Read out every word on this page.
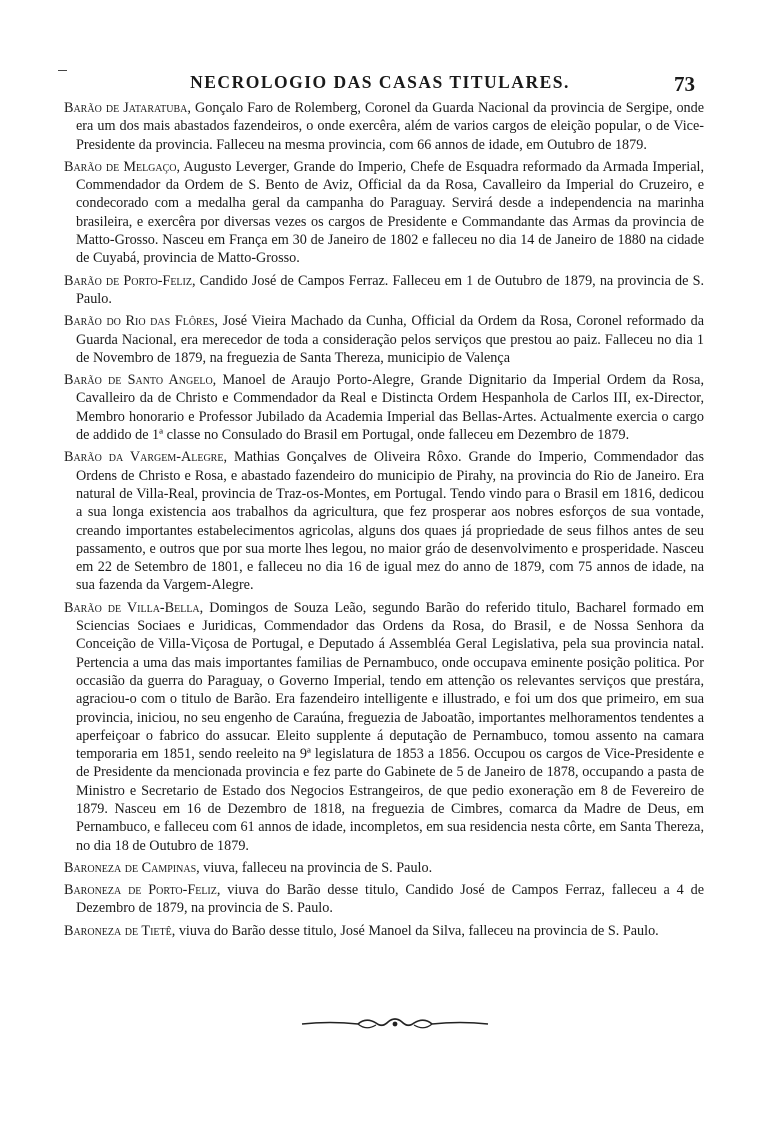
NECROLOGIO DAS CASAS TITULARES.	73

Barão de Jataratuba, Gonçalo Faro de Rolemberg, Coronel da Guarda Nacional da provincia de Sergipe, onde era um dos mais abastados fazendeiros, o onde exercêra, além de varios cargos de eleição popular, o de Vice-Presidente da provincia. Falleceu na mesma provincia, com 66 annos de idade, em Outubro de 1879.

Barão de Melgaço, Augusto Leverger, Grande do Imperio, Chefe de Esquadra reformado da Armada Imperial, Commendador da Ordem de S. Bento de Aviz, Official da da Rosa, Cavalleiro da Imperial do Cruzeiro, e condecorado com a medalha geral da campanha do Paraguay. Servirá desde a independencia na marinha brasileira, e exercêra por diversas vezes os cargos de Presidente e Commandante das Armas da provincia de Matto-Grosso. Nasceu em França em 30 de Janeiro de 1802 e falleceu no dia 14 de Janeiro de 1880 na cidade de Cuyabá, provincia de Matto-Grosso.

Barão de Porto-Feliz, Candido José de Campos Ferraz. Falleceu em 1 de Outubro de 1879, na provincia de S. Paulo.

Barão do Rio das Flôres, José Vieira Machado da Cunha, Official da Ordem da Rosa, Coronel reformado da Guarda Nacional, era merecedor de toda a consideração pelos serviços que prestou ao paiz. Falleceu no dia 1 de Novembro de 1879, na freguezia de Santa Thereza, municipio de Valença

Barão de Santo Angelo, Manoel de Araujo Porto-Alegre, Grande Dignitario da Imperial Ordem da Rosa, Cavalleiro da de Christo e Commendador da Real e Distincta Ordem Hespanhola de Carlos III, ex-Director, Membro honorario e Professor Jubilado da Academia Imperial das Bellas-Artes. Actualmente exercia o cargo de addido de 1ª classe no Consulado do Brasil em Portugal, onde falleceu em Dezembro de 1879.

Barão da Vargem-Alegre, Mathias Gonçalves de Oliveira Rôxo. Grande do Imperio, Commendador das Ordens de Christo e Rosa, e abastado fazendeiro do municipio de Pirahy, na provincia do Rio de Janeiro. Era natural de Villa-Real, provincia de Traz-os-Montes, em Portugal. Tendo vindo para o Brasil em 1816, dedicou a sua longa existencia aos trabalhos da agricultura, que fez prosperar aos nobres esforços de sua vontade, creando importantes estabelecimentos agricolas, alguns dos quaes já propriedade de seus filhos antes de seu passamento, e outros que por sua morte lhes legou, no maior gráo de desenvolvimento e prosperidade. Nasceu em 22 de Setembro de 1801, e falleceu no dia 16 de igual mez do anno de 1879, com 75 annos de idade, na sua fazenda da Vargem-Alegre.

Barão de Villa-Bella, Domingos de Souza Leão, segundo Barão do referido titulo, Bacharel formado em Sciencias Sociaes e Juridicas, Commendador das Ordens da Rosa, do Brasil, e de Nossa Senhora da Conceição de Villa-Viçosa de Portugal, e Deputado á Assembléa Geral Legislativa, pela sua provincia natal. Pertencia a uma das mais importantes familias de Pernambuco, onde occupava eminente posição politica. Por occasião da guerra do Paraguay, o Governo Imperial, tendo em attenção os relevantes serviços que prestára, agraciou-o com o titulo de Barão. Era fazendeiro intelligente e illustrado, e foi um dos que primeiro, em sua provincia, iniciou, no seu engenho de Caraúna, freguezia de Jaboatão, importantes melhoramentos tendentes a aperfeiçoar o fabrico do assucar. Eleito supplente á deputação de Pernambuco, tomou assento na camara temporaria em 1851, sendo reeleito na 9ª legislatura de 1853 a 1856. Occupou os cargos de Vice-Presidente e de Presidente da mencionada provincia e fez parte do Gabinete de 5 de Janeiro de 1878, occupando a pasta de Ministro e Secretario de Estado dos Negocios Estrangeiros, de que pedio exoneração em 8 de Fevereiro de 1879. Nasceu em 16 de Dezembro de 1818, na freguezia de Cimbres, comarca da Madre de Deus, em Pernambuco, e falleceu com 61 annos de idade, incompletos, em sua residencia nesta côrte, em Santa Thereza, no dia 18 de Outubro de 1879.

Baroneza de Campinas, viuva, falleceu na provincia de S. Paulo.

Baroneza de Porto-Feliz, viuva do Barão desse titulo, Candido José de Campos Ferraz, falleceu a 4 de Dezembro de 1879, na provincia de S. Paulo.

Baroneza de Tietê, viuva do Barão desse titulo, José Manoel da Silva, falleceu na provincia de S. Paulo.
